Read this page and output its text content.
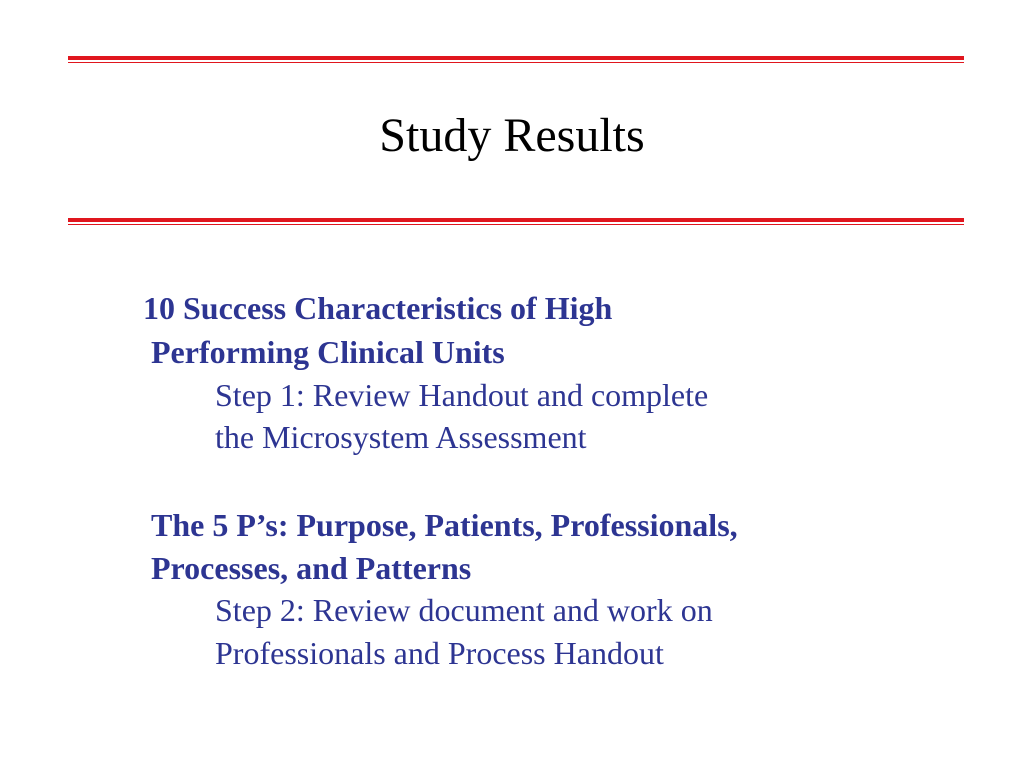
Study Results
10 Success Characteristics of High
Performing Clinical Units
Step 1: Review Handout and complete
the Microsystem Assessment
The 5 P’s: Purpose, Patients, Professionals,
Processes, and Patterns
Step 2: Review document and work on
Professionals and Process Handout
